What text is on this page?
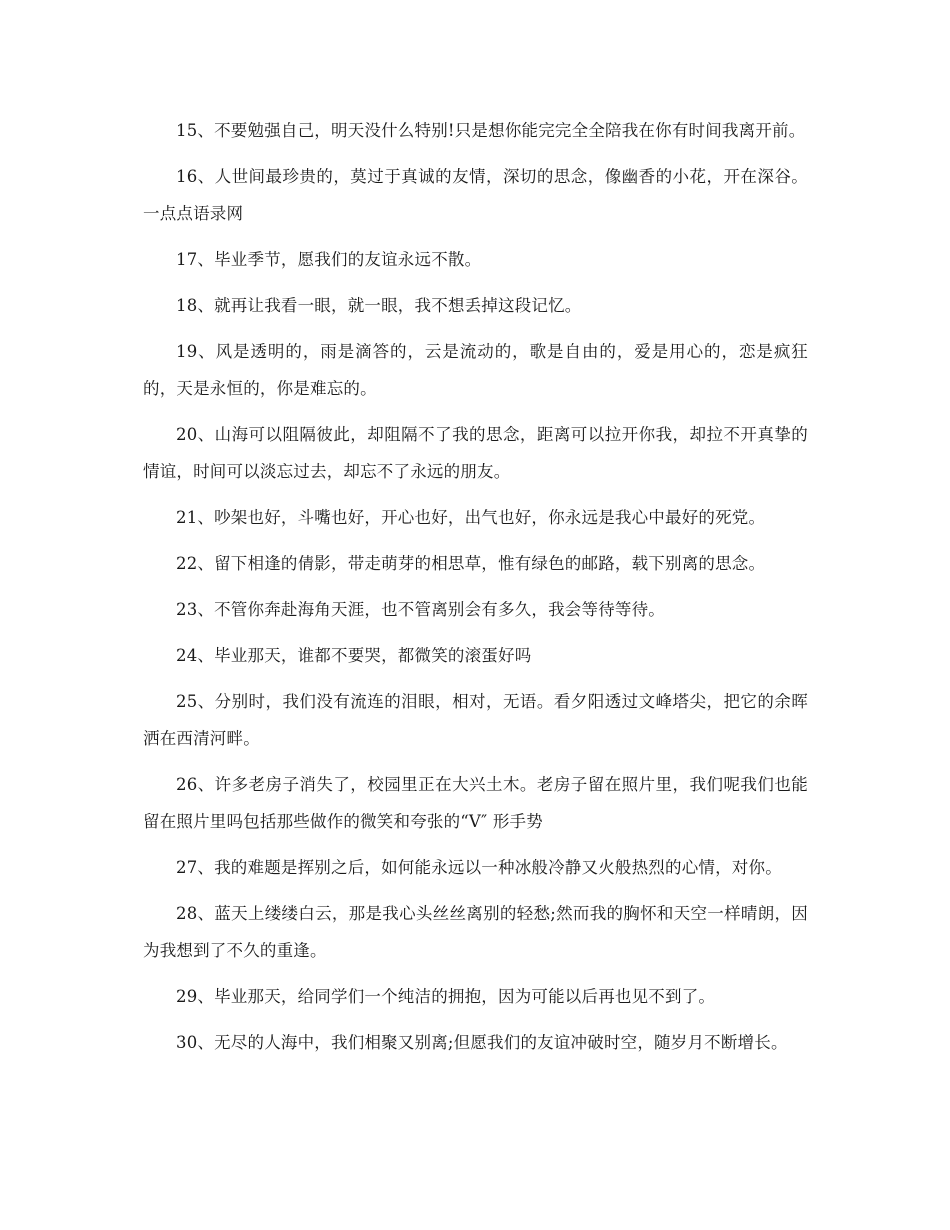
15、不要勉强自己，明天没什么特别!只是想你能完完全全陪我在你有时间我离开前。

16、人世间最珍贵的，莫过于真诚的友情，深切的思念，像幽香的小花，开在深谷。一点点语录网

17、毕业季节，愿我们的友谊永远不散。

18、就再让我看一眼，就一眼，我不想丢掉这段记忆。

19、风是透明的，雨是滴答的，云是流动的，歌是自由的，爱是用心的，恋是疯狂的，天是永恒的，你是难忘的。

20、山海可以阻隔彼此，却阻隔不了我的思念，距离可以拉开你我，却拉不开真挚的情谊，时间可以淡忘过去，却忘不了永远的朋友。

21、吵架也好，斗嘴也好，开心也好，出气也好，你永远是我心中最好的死党。

22、留下相逢的倩影，带走萌芽的相思草，惟有绿色的邮路，载下别离的思念。

23、不管你奔赴海角天涯，也不管离别会有多久，我会等待等待。

24、毕业那天，谁都不要哭，都微笑的滚蛋好吗

25、分别时，我们没有流连的泪眼，相对，无语。看夕阳透过文峰塔尖，把它的余晖洒在西清河畔。

26、许多老房子消失了，校园里正在大兴土木。老房子留在照片里，我们呢我们也能留在照片里吗包括那些做作的微笑和夸张的“V″ 形手势

27、我的难题是挥别之后，如何能永远以一种冰般冷静又火般热烈的心情，对你。

28、蓝天上缕缕白云，那是我心头丝丝离别的轻愁;然而我的胸怀和天空一样晴朗，因为我想到了不久的重逢。

29、毕业那天，给同学们一个纯洁的拥抱，因为可能以后再也见不到了。

30、无尽的人海中，我们相聚又别离;但愿我们的友谊冲破时空，随岁月不断增长。
